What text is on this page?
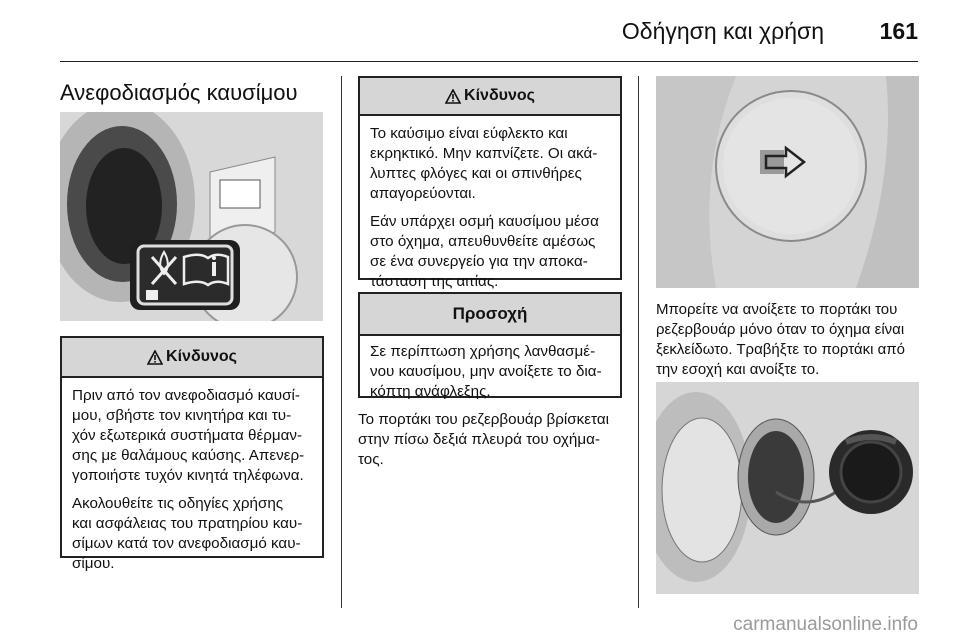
Οδήγηση και χρήση 161
Ανεφοδιασμός καυσίμου
Κίνδυνος

Πριν από τον ανεφοδιασμό καυσί-
μου, σβήστε τον κινητήρα και τυ-
χόν εξωτερικά συστήματα θέρμαν-
σης με θαλάμους καύσης. Απενερ-
γοποιήστε τυχόν κινητά τηλέφωνα.

Ακολουθείτε τις οδηγίες χρήσης
και ασφάλειας του πρατηρίου καυ-
σίμων κατά τον ανεφοδιασμό καυ-
σίμου.

Κίνδυνος

Το καύσιμο είναι εύφλεκτο και
εκρηκτικό. Μην καπνίζετε. Οι ακά-
λυπτες φλόγες και οι σπινθήρες
απαγορεύονται.

Εάν υπάρχει οσμή καυσίμου μέσα
στο όχημα, απευθυνθείτε αμέσως
σε ένα συνεργείο για την αποκα-
τάσταση της αιτίας.

Προσοχή

Σε περίπτωση χρήσης λανθασμέ-
νου καυσίμου, μην ανοίξετε το δια-
κόπτη ανάφλεξης.

Το πορτάκι του ρεζερβουάρ βρίσκεται
στην πίσω δεξιά πλευρά του οχήμα-
τος.

Μπορείτε να ανοίξετε το πορτάκι του
ρεζερβουάρ μόνο όταν το όχημα είναι
ξεκλείδωτο. Τραβήξτε το πορτάκι από
την εσοχή και ανοίξτε το.

carmanualsonline.info
